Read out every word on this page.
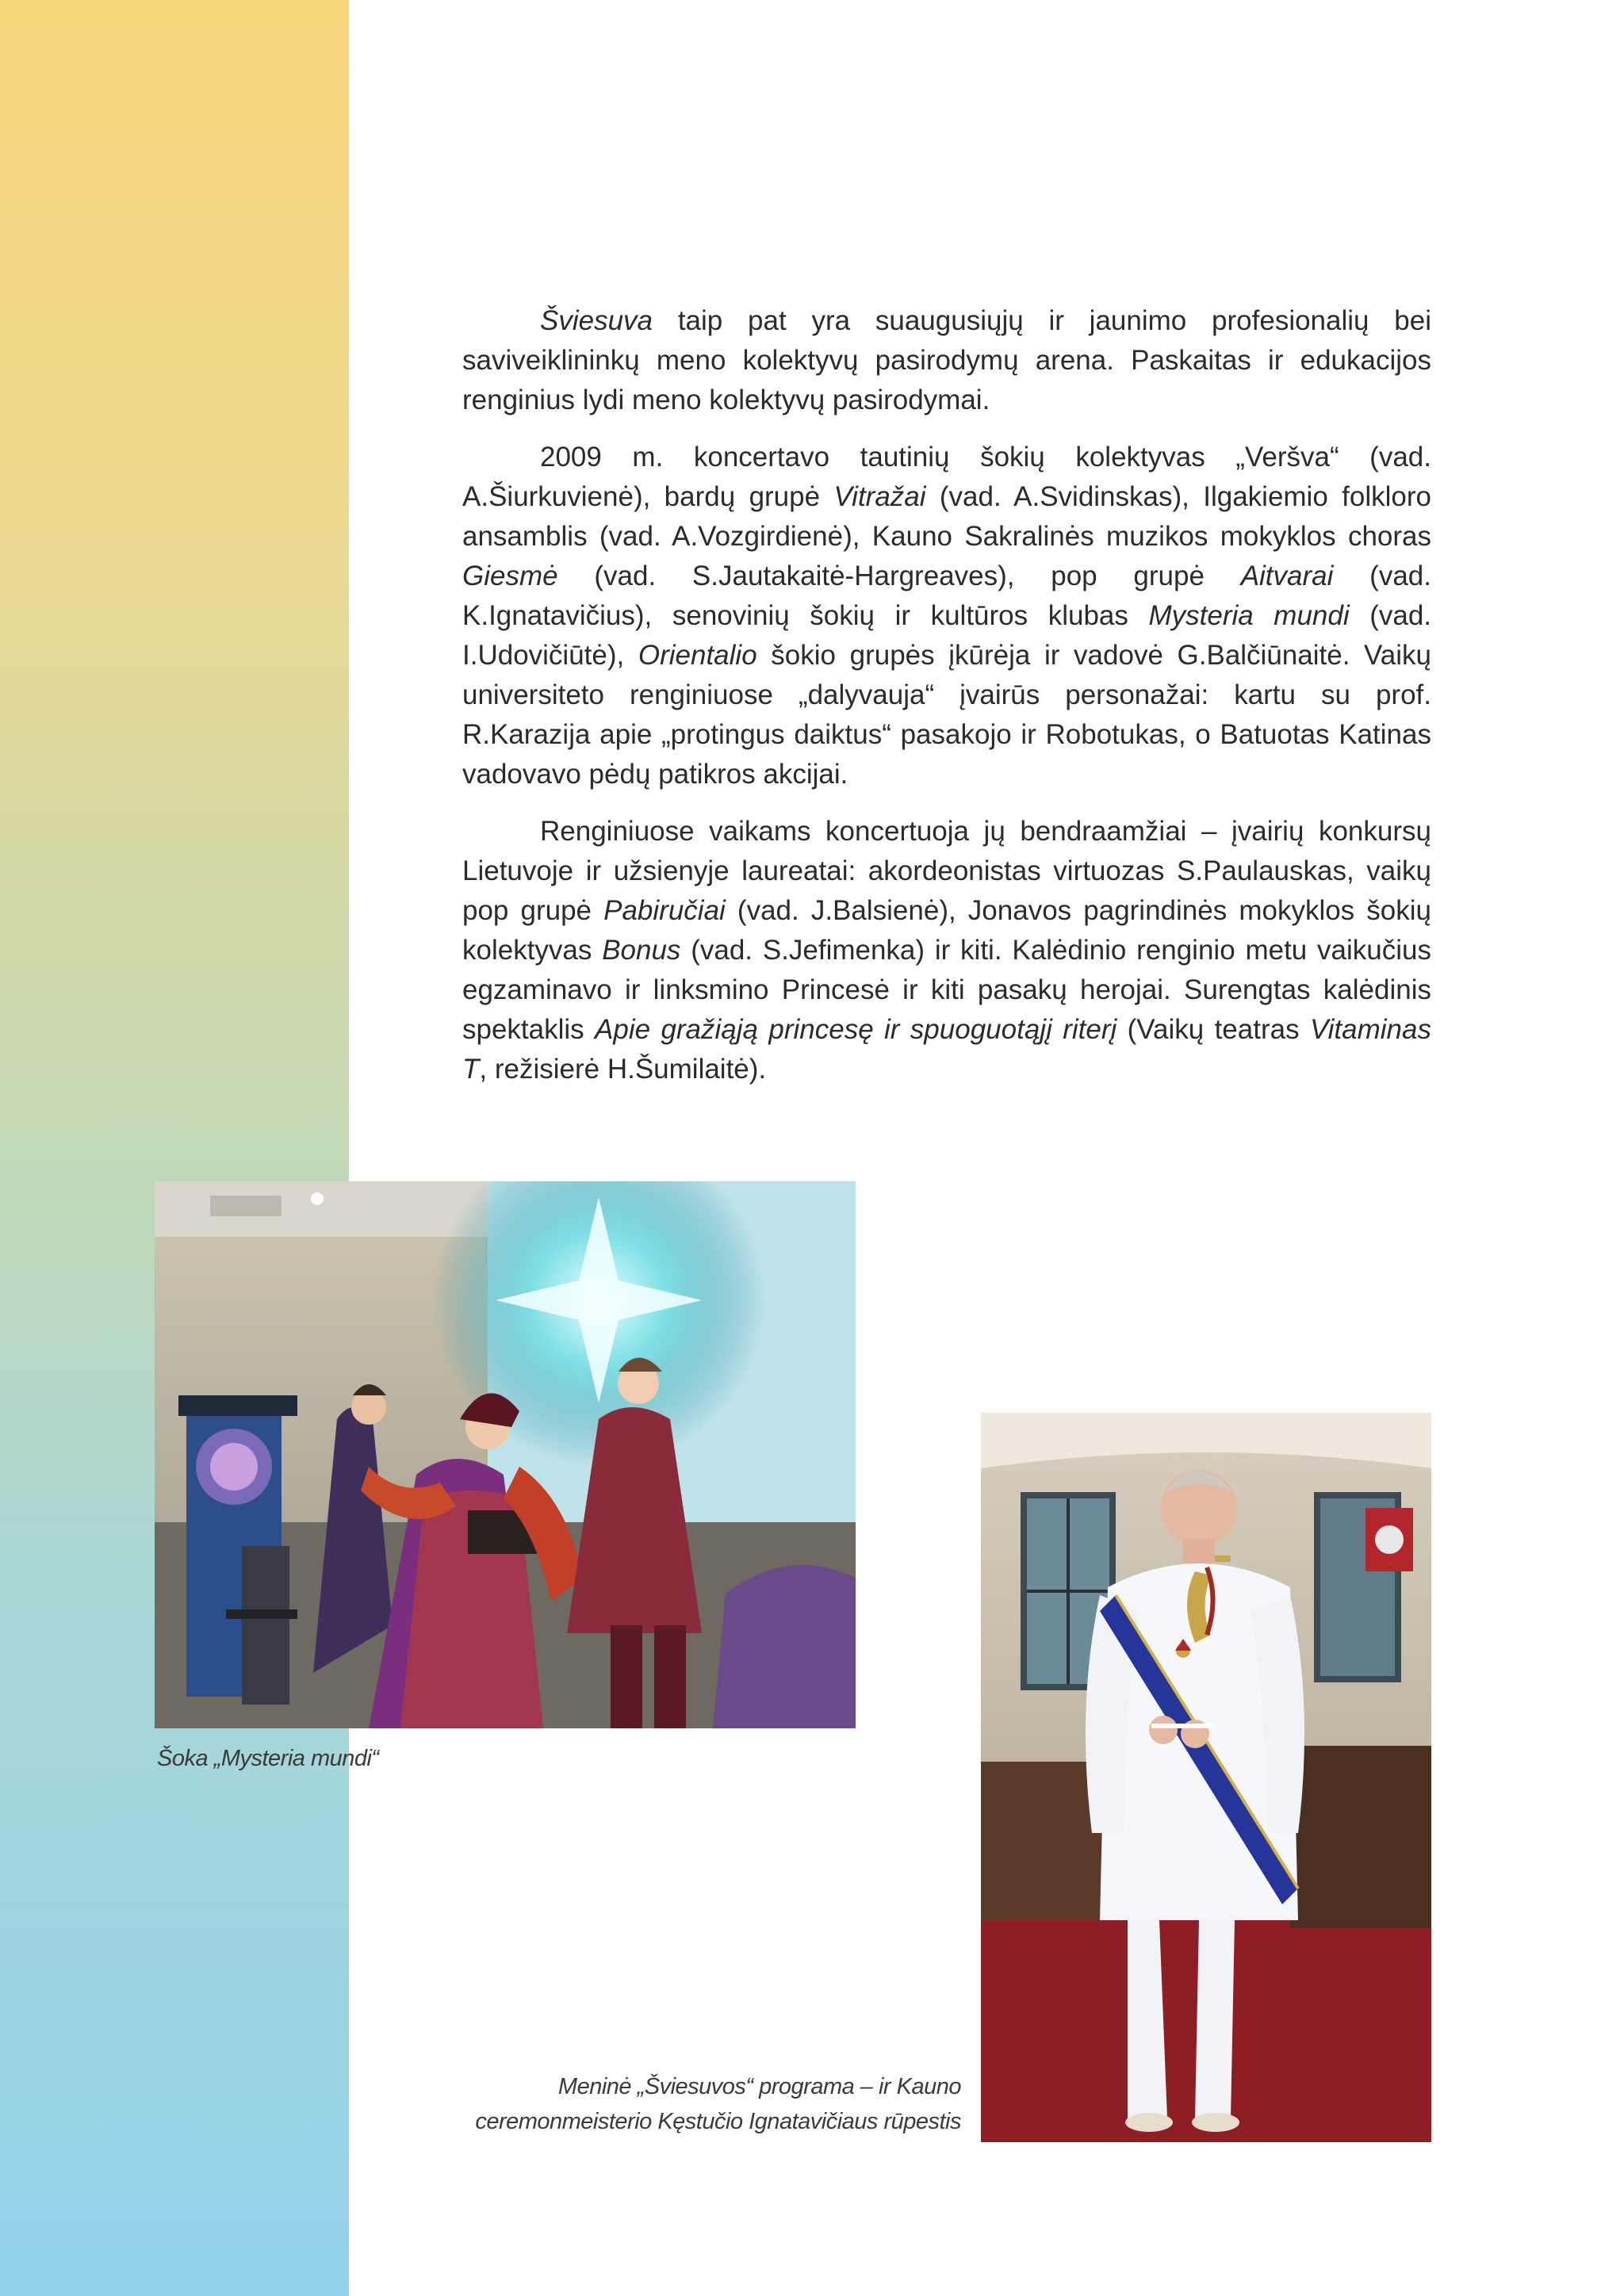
Šviesuva taip pat yra suaugusiųjų ir jaunimo profesionalių bei saviveiklininkų meno kolektyvų pasirodymų arena. Paskaitas ir edukacijos renginius lydi meno kolektyvų pasirodymai.

2009 m. koncertavo tautinių šokių kolektyvas „Veršva“ (vad. A.Šiurkuvienė), bardų grupė Vitražai (vad. A.Svidinskas), Ilgakiemio folkloro ansamblis (vad. A.Vozgirdienė), Kauno Sakralinės muzikos mokyklos choras Giesmė (vad. S.Jautakaitė-Hargreaves), pop grupė Aitvarai (vad. K.Ignatavičius), senovinių šokių ir kultūros klubas Mysteria mundi (vad. I.Udovičiūtė), Orientalio šokio grupės įkūrėja ir vadovė G.Balčiūnaitė. Vaikų universiteto renginiuose „dalyvauja“ įvairūs personažai: kartu su prof. R.Karazija apie „protingus daiktus“ pasakojo ir Robotukas, o Batuotas Katinas vadovavo pėdų patikros akcijai.

Renginiuose vaikams koncertuoja jų bendraamžiai – įvairių konkursų Lietuvoje ir užsienyje laureatai: akordeonistas virtuozas S.Paulauskas, vaikų pop grupė Pabiručiai (vad. J.Balsienė), Jonavos pagrindinės mokyklos šokių kolektyvas Bonus (vad. S.Jefimenka) ir kiti. Kalėdinio renginio metu vaikučius egzaminavo ir linksmino Princesė ir kiti pasakų herojai. Surengtas kalėdinis spektaklis Apie gražiąją princesę ir spuoguotąjį riterį (Vaikų teatras Vitaminas T, režisierė H.Šumilaitė).

Šoka „Mysteria mundi“
Meninė „Šviesuvos“ programa – ir Kauno
ceremonmeisterio Kęstučio Ignatavičiaus rūpestis
